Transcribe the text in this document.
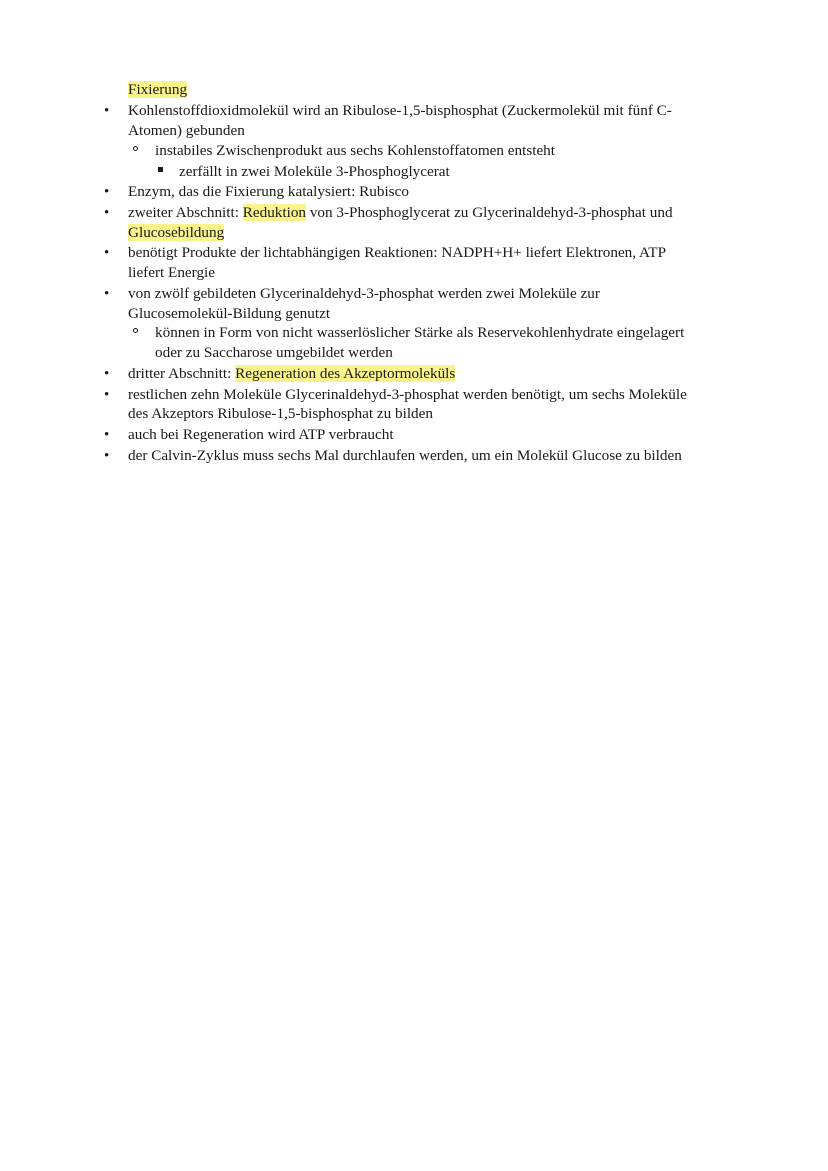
Fixierung
• Kohlenstoffdioxidmolekül wird an Ribulose-1,5-bisphosphat (Zuckermolekül mit fünf C-
Atomen) gebunden
instabiles Zwischenprodukt aus sechs Kohlenstoffatomen entsteht
zerfällt in zwei Moleküle 3-Phosphoglycerat
• Enzym, das die Fixierung katalysiert: Rubisco
• zweiter Abschnitt: Reduktion von 3-Phosphoglycerat zu Glycerinaldehyd-3-phosphat und
Glucosebildung
• benötigt Produkte der lichtabhängigen Reaktionen: NADPH+H+ liefert Elektronen, ATP
liefert Energie
• von zwölf gebildeten Glycerinaldehyd-3-phosphat werden zwei Moleküle zur
Glucosemolekül-Bildung genutzt
können in Form von nicht wasserlöslicher Stärke als Reservekohlenhydrate eingelagert
oder zu Saccharose umgebildet werden
• dritter Abschnitt: Regeneration des Akzeptormoleküls
• restlichen zehn Moleküle Glycerinaldehyd-3-phosphat werden benötigt, um sechs Moleküle
des Akzeptors Ribulose-1,5-bisphosphat zu bilden
• auch bei Regeneration wird ATP verbraucht
• der Calvin-Zyklus muss sechs Mal durchlaufen werden, um ein Molekül Glucose zu bilden
